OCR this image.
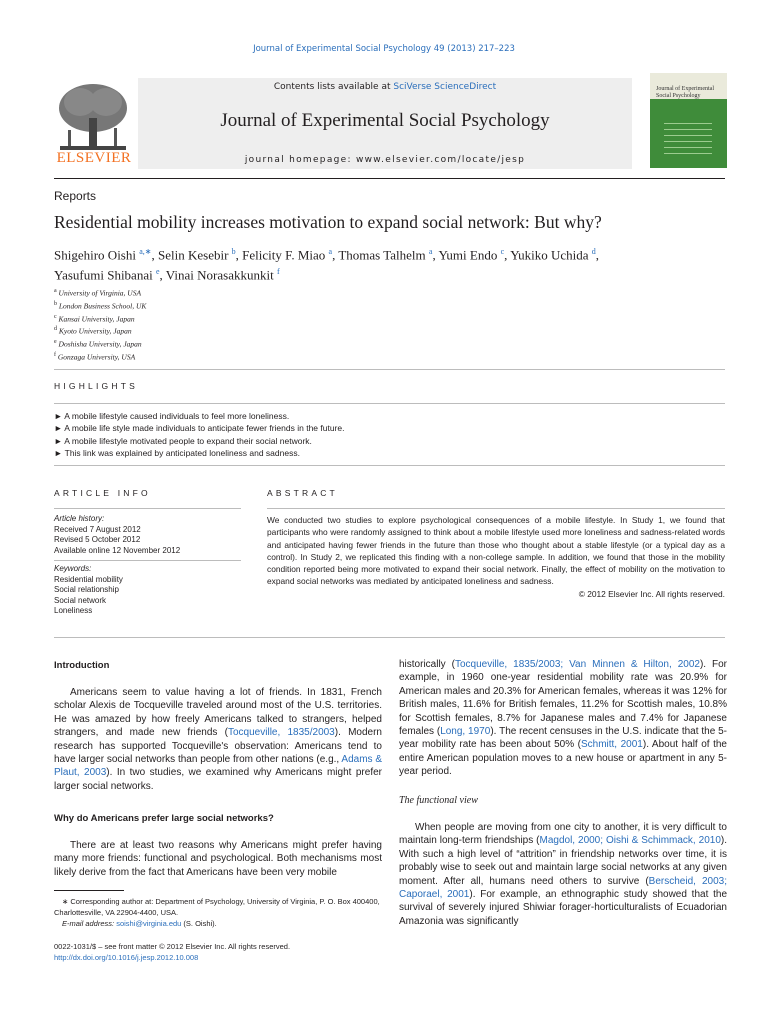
Journal of Experimental Social Psychology 49 (2013) 217–223
ELSEVIER
Contents lists available at SciVerse ScienceDirect
Journal of Experimental Social Psychology
journal homepage: www.elsevier.com/locate/jesp
Journal of Experimental Social Psychology
Reports
Residential mobility increases motivation to expand social network: But why?
Shigehiro Oishi $^{a,∗}$, Selin Kesebir $^b$, Felicity F. Miao $^a$, Thomas Talhelm $^a$, Yumi Endo $^c$, Yukiko Uchida $^d$,
Yasufumi Shibanai $^e$, Vinai Norasakkunkit $^f$
$^a$ University of Virginia, USA
$^b$ London Business School, UK
$^c$ Kansai University, Japan
$^d$ Kyoto University, Japan
$^e$ Doshisha University, Japan
$^f$ Gonzaga University, USA
HIGHLIGHTS
► A mobile lifestyle caused individuals to feel more loneliness.
► A mobile life style made individuals to anticipate fewer friends in the future.
► A mobile lifestyle motivated people to expand their social network.
► This link was explained by anticipated loneliness and sadness.
ARTICLE INFO	ABSTRACT
Article history:
Received 7 August 2012
Revised 5 October 2012
Available online 12 November 2012
Keywords:
Residential mobility
Social relationship
Social network
Loneliness
We conducted two studies to explore psychological consequences of a mobile lifestyle. In Study 1, we found that participants who were randomly assigned to think about a mobile lifestyle used more loneliness and sadness-related words and anticipated having fewer friends in the future than those who thought about a stable lifestyle (or a typical day as a control). In Study 2, we replicated this finding with a non-college sample. In addition, we found that those in the mobility condition reported being more motivated to expand their social network. Finally, the effect of mobility on the motivation to expand social networks was mediated by anticipated loneliness and sadness.
© 2012 Elsevier Inc. All rights reserved.
Introduction

Americans seem to value having a lot of friends. In 1831, French scholar Alexis de Tocqueville traveled around most of the U.S. territories. He was amazed by how freely Americans talked to strangers, helped strangers, and made new friends (Tocqueville, 1835/2003). Modern research has supported Tocqueville's observation: Americans tend to have larger social networks than people from other nations (e.g., Adams & Plaut, 2003). In two studies, we examined why Americans might prefer larger social networks.

Why do Americans prefer large social networks?

There are at least two reasons why Americans might prefer having many more friends: functional and psychological. Both mechanisms most likely derive from the fact that Americans have been very mobile

∗ Corresponding author at: Department of Psychology, University of Virginia, P. O. Box 400400, Charlottesville, VA 22904-4400, USA.
E-mail address: soishi@virginia.edu (S. Oishi).
0022-1031/$ – see front matter © 2012 Elsevier Inc. All rights reserved.
http://dx.doi.org/10.1016/j.jesp.2012.10.008

historically (Tocqueville, 1835/2003; Van Minnen & Hilton, 2002). For example, in 1960 one-year residential mobility rate was 20.9% for American males and 20.3% for American females, whereas it was 12% for British males, 11.6% for British females, 11.2% for Scottish males, 10.8% for Scottish females, 8.7% for Japanese males and 7.4% for Japanese females (Long, 1970). The recent censuses in the U.S. indicate that the 5-year mobility rate has been about 50% (Schmitt, 2001). About half of the entire American population moves to a new house or apartment in any 5-year period.

The functional view

When people are moving from one city to another, it is very difficult to maintain long-term friendships (Magdol, 2000; Oishi & Schimmack, 2010). With such a high level of “attrition” in friendship networks over time, it is probably wise to seek out and maintain large social networks at any given moment. After all, humans need others to survive (Berscheid, 2003; Caporael, 2001). For example, an ethnographic study showed that the survival of severely injured Shiwiar forager-horticulturalists of Ecuadorian Amazonia was significantly
